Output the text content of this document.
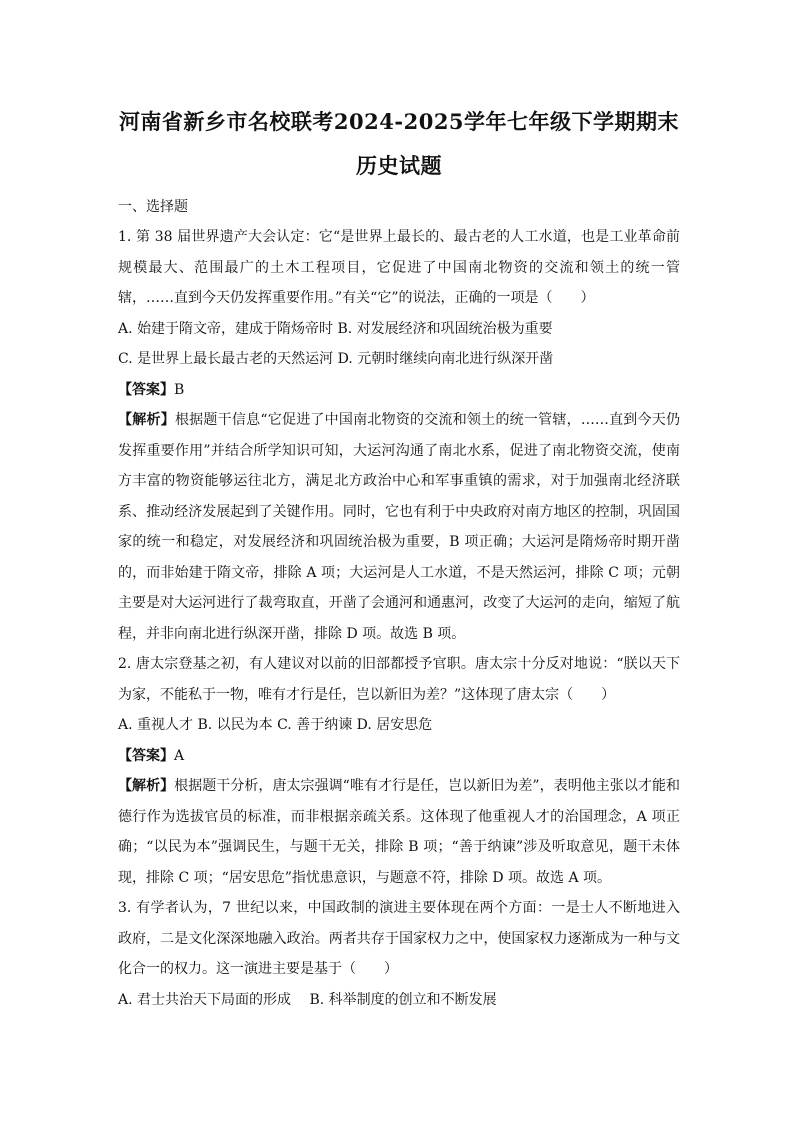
河南省新乡市名校联考2024-2025学年七年级下学期期末
历史试题
一、选择题

1. 第 38 届世界遗产大会认定：它“是世界上最长的、最古老的人工水道，也是工业革命前规模最大、范围最广的土木工程项目，它促进了中国南北物资的交流和领土的统一管辖，……直到今天仍发挥重要作用。”有关“它”的说法，正确的一项是（　　）

A. 始建于隋文帝，建成于隋炀帝时 B. 对发展经济和巩固统治极为重要

C. 是世界上最长最古老的天然运河 D. 元朝时继续向南北进行纵深开凿

【答案】B

【解析】根据题干信息“它促进了中国南北物资的交流和领土的统一管辖，……直到今天仍发挥重要作用”并结合所学知识可知，大运河沟通了南北水系，促进了南北物资交流，使南方丰富的物资能够运往北方，满足北方政治中心和军事重镇的需求，对于加强南北经济联系、推动经济发展起到了关键作用。同时，它也有利于中央政府对南方地区的控制，巩固国家的统一和稳定，对发展经济和巩固统治极为重要，B 项正确；大运河是隋炀帝时期开凿的，而非始建于隋文帝，排除 A 项；大运河是人工水道，不是天然运河，排除 C 项；元朝主要是对大运河进行了裁弯取直，开凿了会通河和通惠河，改变了大运河的走向，缩短了航程，并非向南北进行纵深开凿，排除 D 项。故选 B 项。

2. 唐太宗登基之初，有人建议对以前的旧部都授予官职。唐太宗十分反对地说：“朕以天下为家，不能私于一物，唯有才行是任，岂以新旧为差？”这体现了唐太宗（　　）

A. 重视人才 B. 以民为本 C. 善于纳谏 D. 居安思危

【答案】A

【解析】根据题干分析，唐太宗强调“唯有才行是任，岂以新旧为差”，表明他主张以才能和德行作为选拔官员的标准，而非根据亲疏关系。这体现了他重视人才的治国理念，A 项正确；“以民为本”强调民生，与题干无关，排除 B 项；“善于纳谏”涉及听取意见，题干未体现，排除 C 项；“居安思危”指忧患意识，与题意不符，排除 D 项。故选 A 项。

3. 有学者认为，7 世纪以来，中国政制的演进主要体现在两个方面：一是士人不断地进入政府，二是文化深深地融入政治。两者共存于国家权力之中，使国家权力逐渐成为一种与文化合一的权力。这一演进主要是基于（　　）

A. 君士共治天下局面的形成　 B. 科举制度的创立和不断发展
